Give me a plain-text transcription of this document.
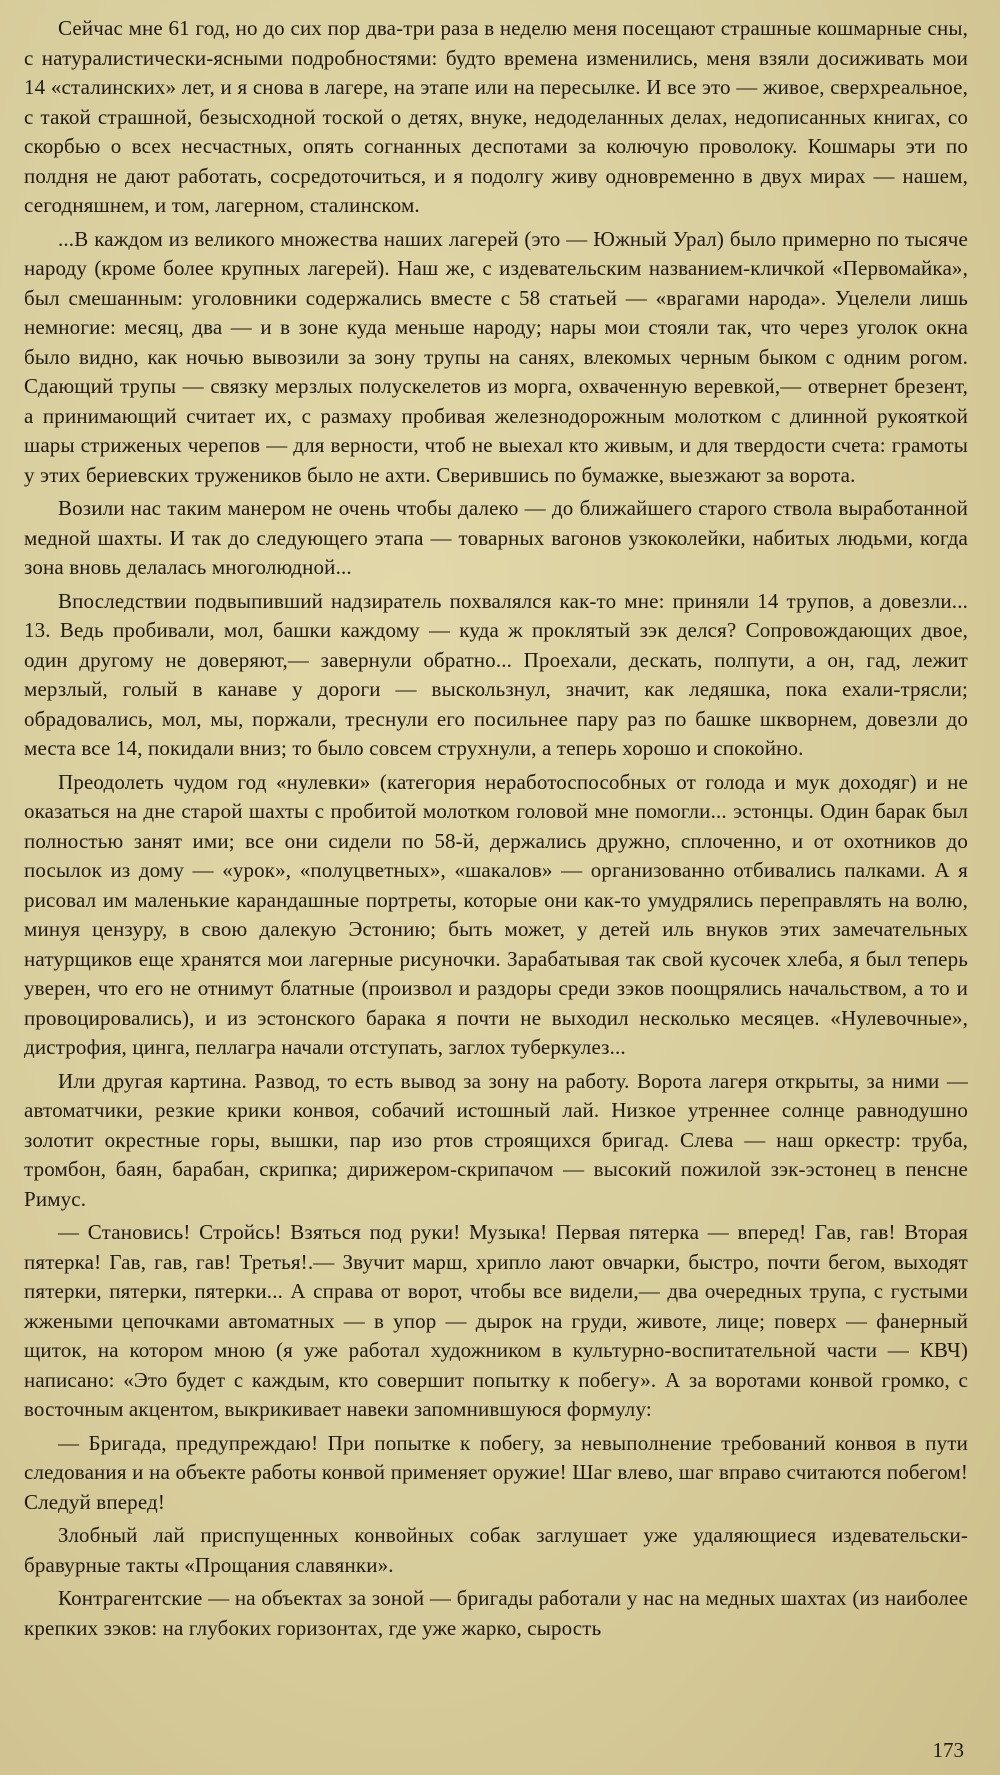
Сейчас мне 61 год, но до сих пор два-три раза в неделю меня посещают страшные кошмарные сны, с натуралистически-ясными подробностями: будто времена изменились, меня взяли досиживать мои 14 «сталинских» лет, и я снова в лагере, на этапе или на пересылке. И все это — живое, сверхреальное, с такой страшной, безысходной тоской о детях, внуке, недоделанных делах, недописанных книгах, со скорбью о всех несчастных, опять согнанных деспотами за колючую проволоку. Кошмары эти по полдня не дают работать, сосредоточиться, и я подолгу живу одновременно в двух мирах — нашем, сегодняшнем, и том, лагерном, сталинском.

...В каждом из великого множества наших лагерей (это — Южный Урал) было примерно по тысяче народу (кроме более крупных лагерей). Наш же, с издевательским названием-кличкой «Первомайка», был смешанным: уголовники содержались вместе с 58 статьей — «врагами народа». Уцелели лишь немногие: месяц, два — и в зоне куда меньше народу; нары мои стояли так, что через уголок окна было видно, как ночью вывозили за зону трупы на санях, влекомых черным быком с одним рогом. Сдающий трупы — связку мерзлых полускелетов из морга, охваченную веревкой,— отвернет брезент, а принимающий считает их, с размаху пробивая железнодорожным молотком с длинной рукояткой шары стриженых черепов — для верности, чтоб не выехал кто живым, и для твердости счета: грамоты у этих бериевских тружеников было не ахти. Сверившись по бумажке, выезжают за ворота.

Возили нас таким манером не очень чтобы далеко — до ближайшего старого ствола выработанной медной шахты. И так до следующего этапа — товарных вагонов узкоколейки, набитых людьми, когда зона вновь делалась многолюдной...

Впоследствии подвыпивший надзиратель похвалялся как-то мне: приняли 14 трупов, а довезли... 13. Ведь пробивали, мол, башки каждому — куда ж проклятый зэк делся? Сопровождающих двое, один другому не доверяют,— завернули обратно... Проехали, дескать, полпути, а он, гад, лежит мерзлый, голый в канаве у дороги — выскользнул, значит, как ледяшка, пока ехали-трясли; обрадовались, мол, мы, поржали, треснули его посильнее пару раз по башке шкворнем, довезли до места все 14, покидали вниз; то было совсем струхнули, а теперь хорошо и спокойно.

Преодолеть чудом год «нулевки» (категория неработоспособных от голода и мук доходяг) и не оказаться на дне старой шахты с пробитой молотком головой мне помогли... эстонцы. Один барак был полностью занят ими; все они сидели по 58-й, держались дружно, сплоченно, и от охотников до посылок из дому — «урок», «полуцветных», «шакалов» — организованно отбивались палками. А я рисовал им маленькие карандашные портреты, которые они как-то умудрялись переправлять на волю, минуя цензуру, в свою далекую Эстонию; быть может, у детей иль внуков этих замечательных натурщиков еще хранятся мои лагерные рисуночки. Зарабатывая так свой кусочек хлеба, я был теперь уверен, что его не отнимут блатные (произвол и раздоры среди зэков поощрялись начальством, а то и провоцировались), и из эстонского барака я почти не выходил несколько месяцев. «Нулевочные», дистрофия, цинга, пеллагра начали отступать, заглох туберкулез...

Или другая картина. Развод, то есть вывод за зону на работу. Ворота лагеря открыты, за ними — автоматчики, резкие крики конвоя, собачий истошный лай. Низкое утреннее солнце равнодушно золотит окрестные горы, вышки, пар изо ртов строящихся бригад. Слева — наш оркестр: труба, тромбон, баян, барабан, скрипка; дирижером-скрипачом — высокий пожилой зэк-эстонец в пенсне Римус.

— Становись! Стройсь! Взяться под руки! Музыка! Первая пятерка — вперед! Гав, гав! Вторая пятерка! Гав, гав, гав! Третья!.— Звучит марш, хрипло лают овчарки, быстро, почти бегом, выходят пятерки, пятерки, пятерки... А справа от ворот, чтобы все видели,— два очередных трупа, с густыми жжеными цепочками автоматных — в упор — дырок на груди, животе, лице; поверх — фанерный щиток, на котором мною (я уже работал художником в культурно-воспитательной части — КВЧ) написано: «Это будет с каждым, кто совершит попытку к побегу». А за воротами конвой громко, с восточным акцентом, выкрикивает навеки запомнившуюся формулу:

— Бригада, предупреждаю! При попытке к побегу, за невыполнение требований конвоя в пути следования и на объекте работы конвой применяет оружие! Шаг влево, шаг вправо считаются побегом! Следуй вперед!

Злобный лай приспущенных конвойных собак заглушает уже удаляющиеся издевательски-бравурные такты «Прощания славянки».

Контрагентские — на объектах за зоной — бригады работали у нас на медных шахтах (из наиболее крепких зэков: на глубоких горизонтах, где уже жарко, сырость

173
